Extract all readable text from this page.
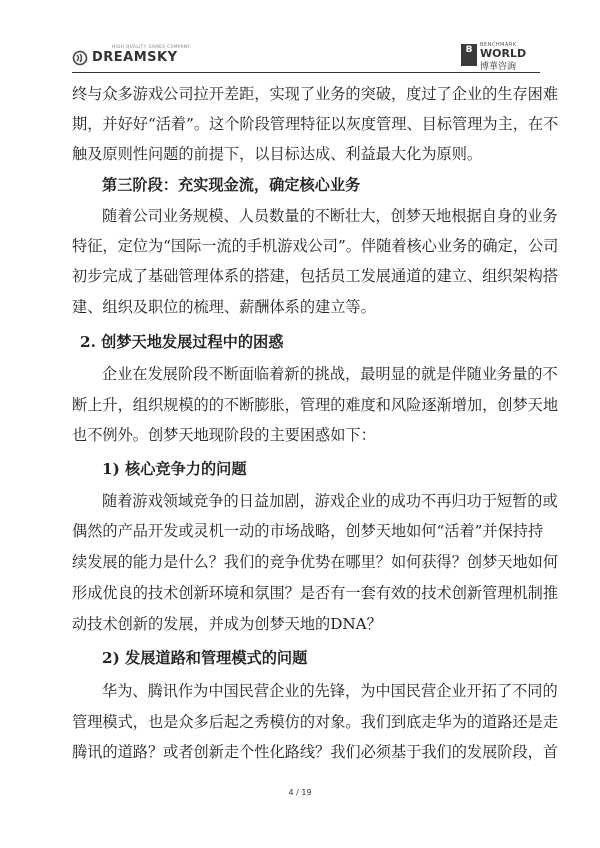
HIGH QUALITY GAMES COMPANY
DREAMSKY	B	BENCHMARK
WORLD
博華咨詢
终与众多游戏公司拉开差距，实现了业务的突破，度过了企业的生存困难
期，并好好“活着”。这个阶段管理特征以灰度管理、目标管理为主，在不
触及原则性问题的前提下，以目标达成、利益最大化为原则。
第三阶段：充实现金流，确定核心业务
随着公司业务规模、人员数量的不断壮大，创梦天地根据自身的业务
特征，定位为“国际一流的手机游戏公司”。伴随着核心业务的确定，公司
初步完成了基础管理体系的搭建，包括员工发展通道的建立、组织架构搭
建、组织及职位的梳理、薪酬体系的建立等。
2. 创梦天地发展过程中的困惑
企业在发展阶段不断面临着新的挑战，最明显的就是伴随业务量的不
断上升，组织规模的的不断膨胀，管理的难度和风险逐渐增加，创梦天地
也不例外。创梦天地现阶段的主要困惑如下：
1) 核心竞争力的问题
随着游戏领域竞争的日益加剧，游戏企业的成功不再归功于短暂的或
偶然的产品开发或灵机一动的市场战略，创梦天地如何“活着”并保持持
续发展的能力是什么？我们的竞争优势在哪里？如何获得？创梦天地如何
形成优良的技术创新环境和氛围？是否有一套有效的技术创新管理机制推
动技术创新的发展，并成为创梦天地的DNA？
2) 发展道路和管理模式的问题
华为、腾讯作为中国民营企业的先锋，为中国民营企业开拓了不同的
管理模式，也是众多后起之秀模仿的对象。我们到底走华为的道路还是走
腾讯的道路？或者创新走个性化路线？我们必须基于我们的发展阶段，首
4 / 19
